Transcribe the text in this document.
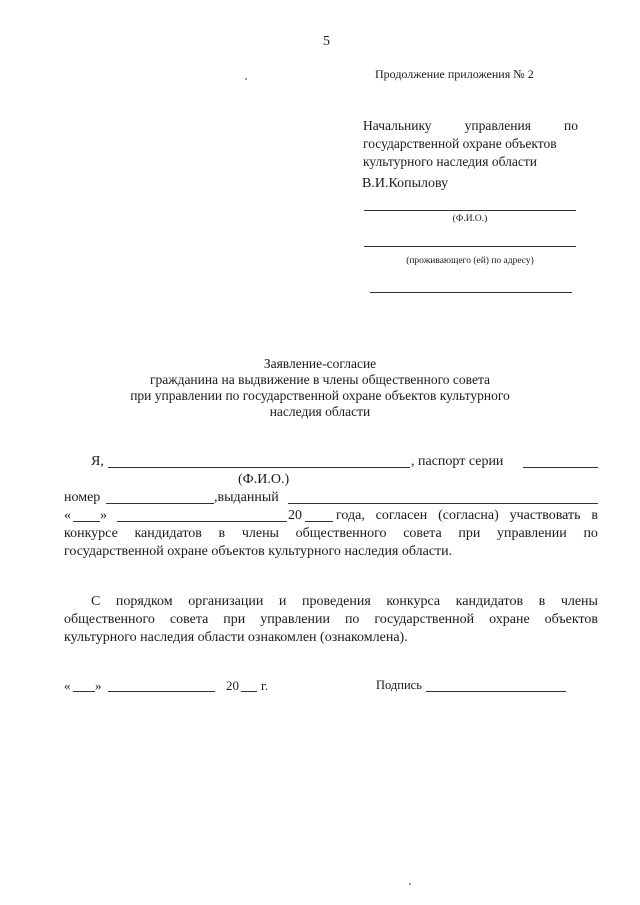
5
Продолжение приложения № 2
Начальнику управления по
государственной охране объектов
культурного наследия области
В.И.Копылову
(Ф.И.О.)
(проживающего (ей) по адресу)
Заявление-согласие
гражданина на выдвижение в члены общественного совета
при управлении по государственной охране объектов культурного
наследия области
Я,	, паспорт серии
(Ф.И.О.)
номер	,выданный
« »	20 года, согласен (согласна) участвовать в
конкурсе кандидатов в члены общественного совета при управлении по
государственной охране объектов культурного наследия области.
С порядком организации и проведения конкурса кандидатов в члены
общественного совета при управлении по государственной охране объектов
культурного наследия области ознакомлен (ознакомлена).
« »	20 г.	Подпись
